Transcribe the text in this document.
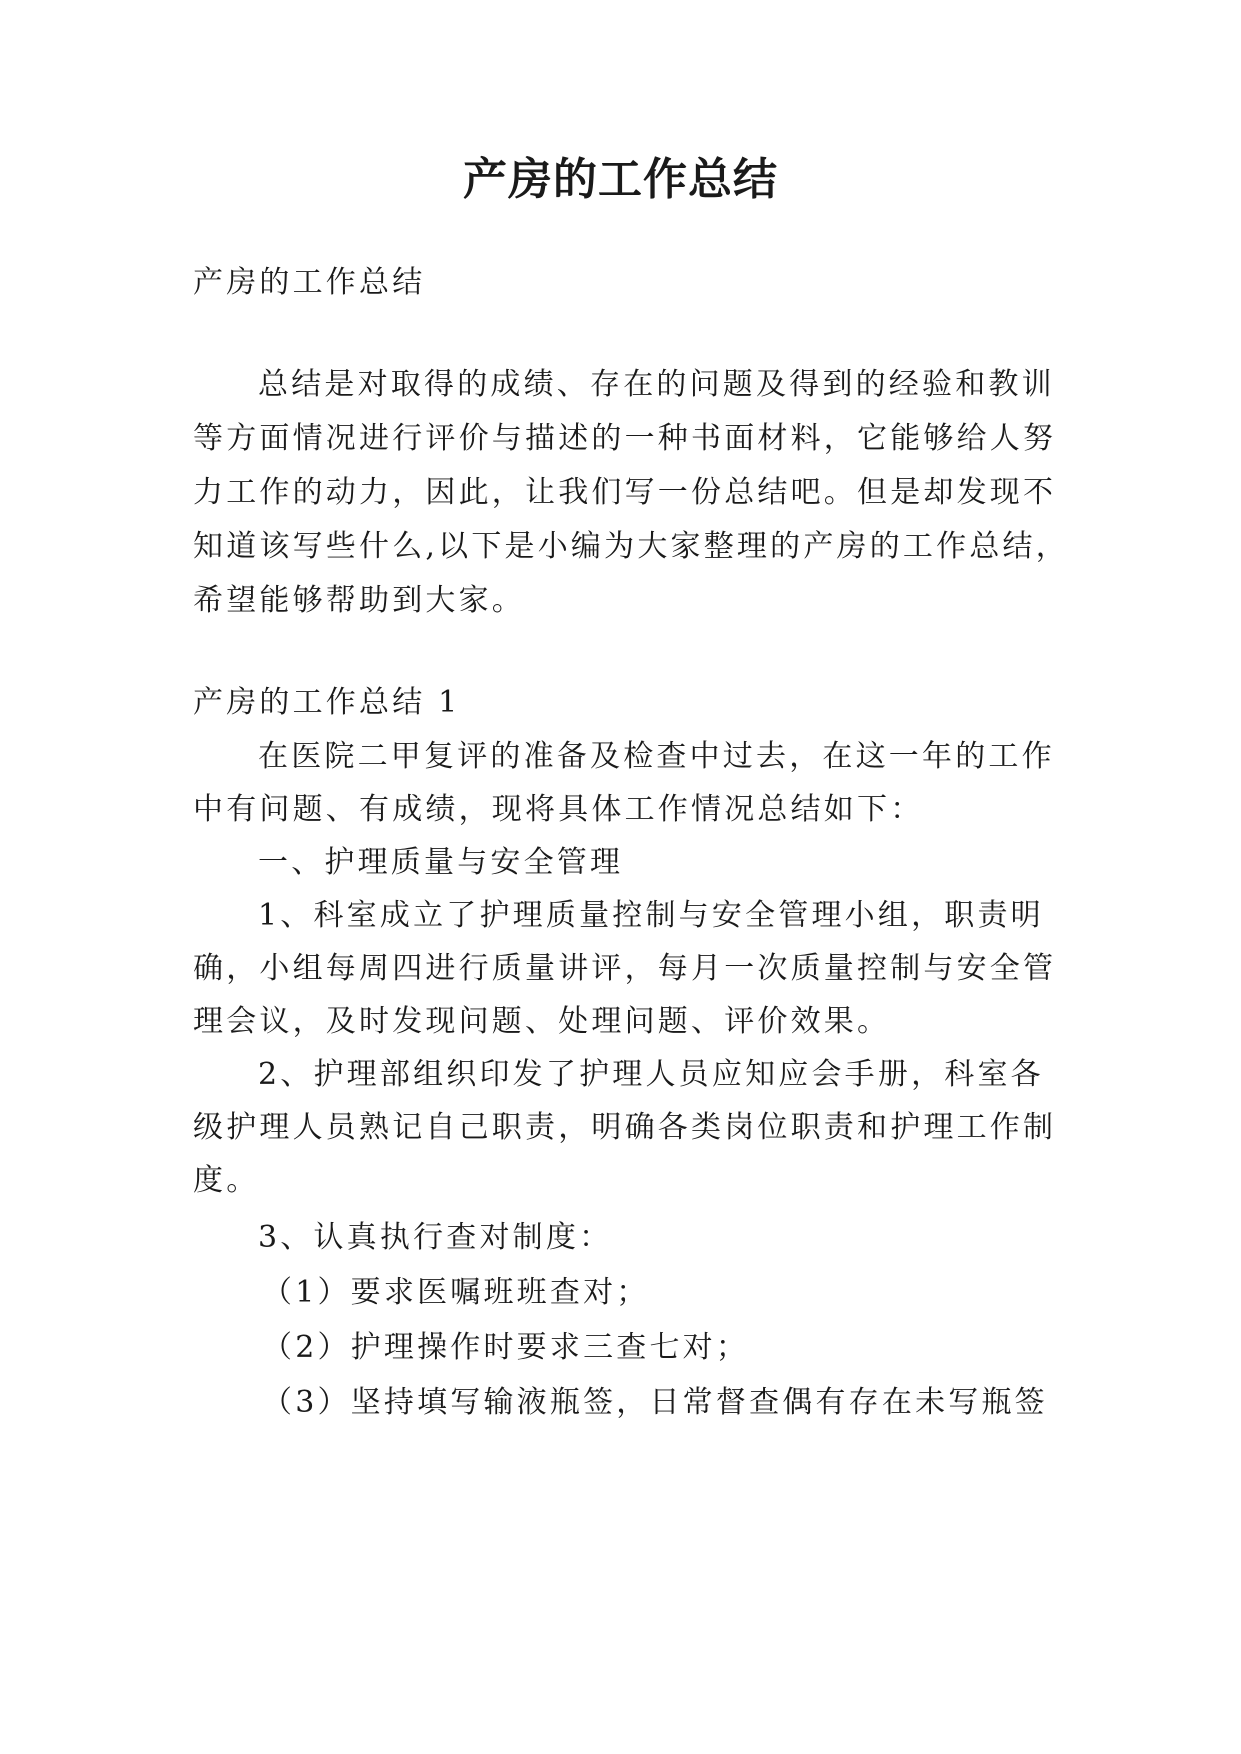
产房的工作总结
产房的工作总结
总结是对取得的成绩、存在的问题及得到的经验和教训
等方面情况进行评价与描述的一种书面材料，它能够给人努
力工作的动力，因此，让我们写一份总结吧。但是却发现不
知道该写些什么,以下是小编为大家整理的产房的工作总结，
希望能够帮助到大家。
产房的工作总结 1
在医院二甲复评的准备及检查中过去，在这一年的工作
中有问题、有成绩，现将具体工作情况总结如下：
一、护理质量与安全管理
1、科室成立了护理质量控制与安全管理小组，职责明
确，小组每周四进行质量讲评，每月一次质量控制与安全管
理会议，及时发现问题、处理问题、评价效果。
2、护理部组织印发了护理人员应知应会手册，科室各
级护理人员熟记自己职责，明确各类岗位职责和护理工作制
度。
3、认真执行查对制度：
（1）要求医嘱班班查对；
（2）护理操作时要求三查七对；
（3）坚持填写输液瓶签，日常督查偶有存在未写瓶签
